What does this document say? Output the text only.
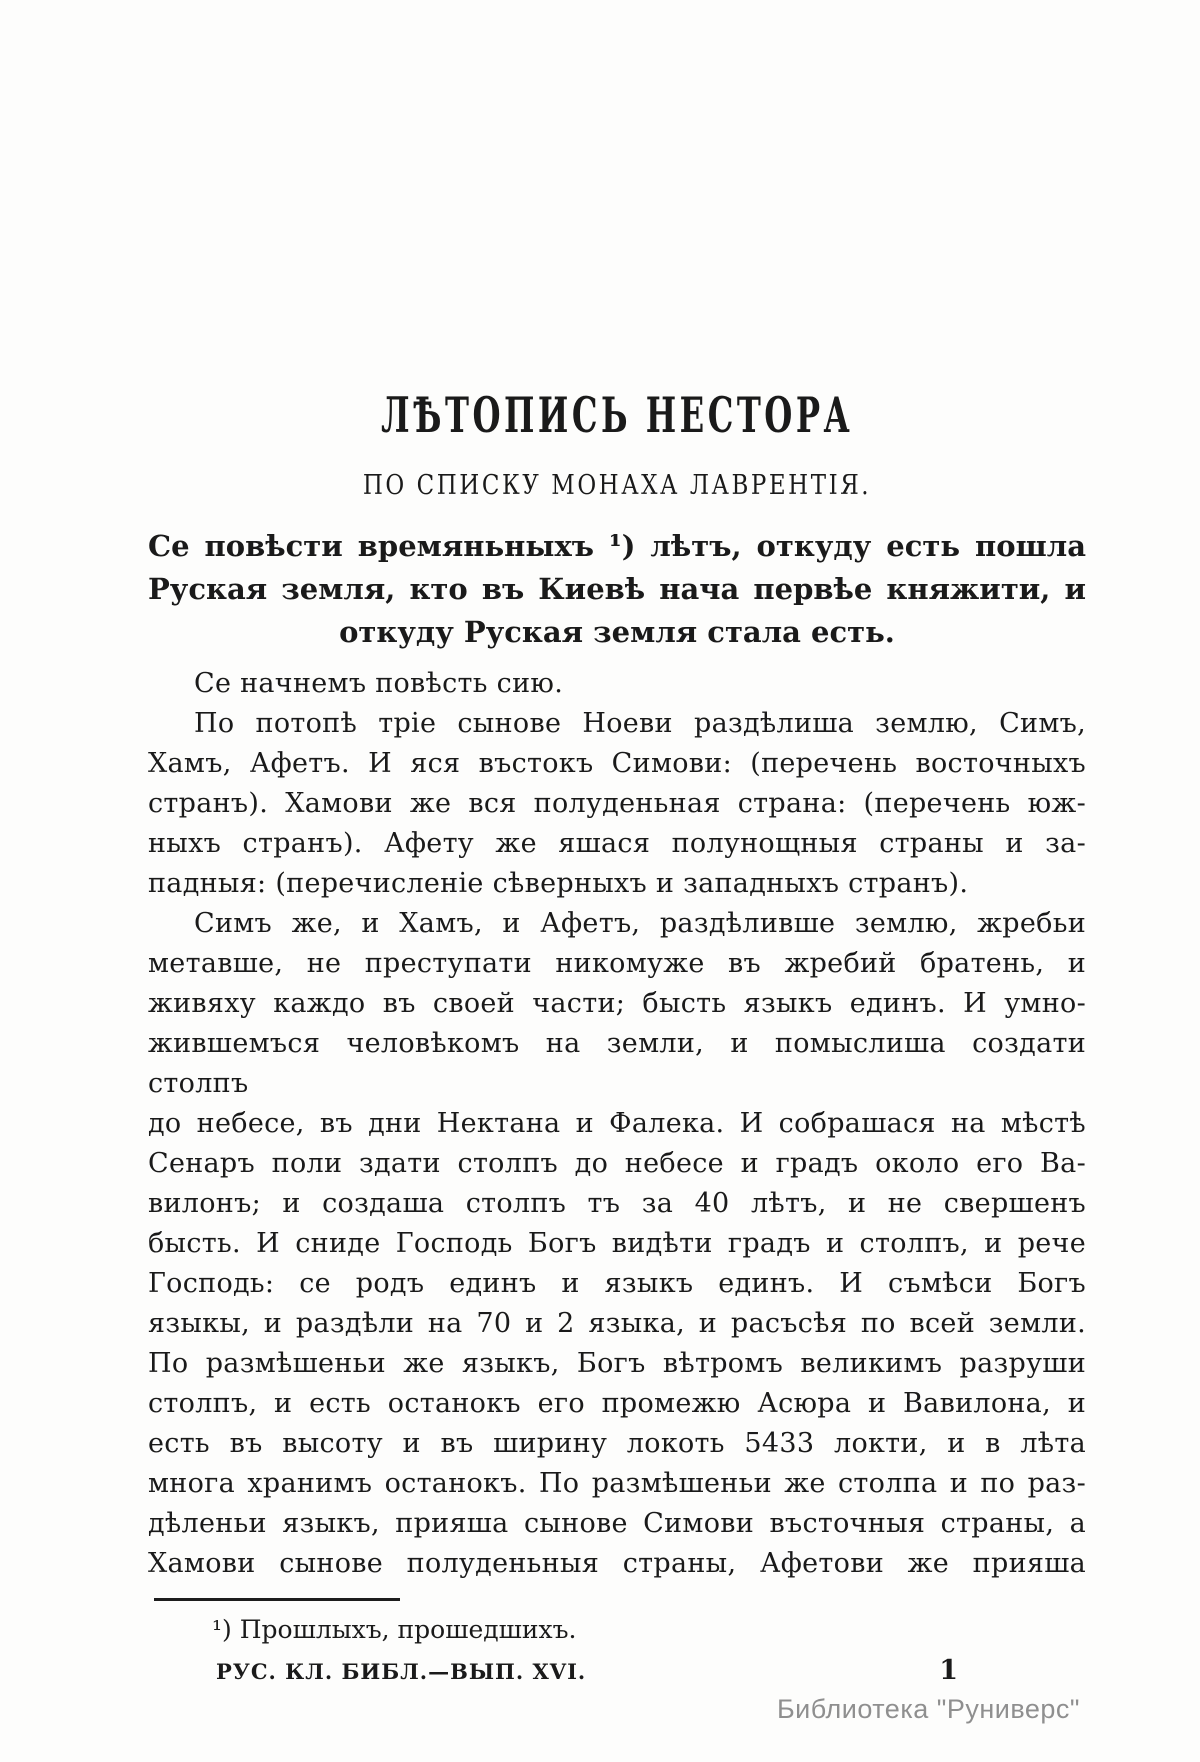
ЛѢТОПИСЬ НЕСТОРА
ПО СПИСКУ МОНАХА ЛАВРЕНТІЯ.
Се повѣсти времяньныхъ ¹) лѣтъ, откуду есть пошла
Руская земля, кто въ Киевѣ нача первѣе княжити, и
откуду Руская земля стала есть.
Се начнемъ повѣсть сию.
По потопѣ тріе сынове Ноеви раздѣлиша землю, Симъ,
Хамъ, Афетъ. И яся въстокъ Симови: (перечень восточныхъ
странъ). Хамови же вся полуденьная страна: (перечень юж-
ныхъ странъ). Афету же яшася полунощныя страны и за-
падныя: (перечисленіе сѣверныхъ и западныхъ странъ).
Симъ же, и Хамъ, и Афетъ, раздѣливше землю, жребьи
метавше, не преступати никомуже въ жребий братень, и
живяху каждо въ своей части; бысть языкъ единъ. И умно-
жившемъся человѣкомъ на земли, и помыслиша создати столпъ
до небесе, въ дни Нектана и Фалека. И собрашася на мѣстѣ
Сенаръ поли здати столпъ до небесе и градъ около его Ва-
вилонъ; и создаша столпъ тъ за 40 лѣтъ, и не свершенъ
бысть. И сниде Господь Богъ видѣти градъ и столпъ, и рече
Господь: се родъ единъ и языкъ единъ. И съмѣси Богъ
языкы, и раздѣли на 70 и 2 языка, и расъсѣя по всей земли.
По размѣшеньи же языкъ, Богъ вѣтромъ великимъ разруши
столпъ, и есть останокъ его промежю Асюра и Вавилона, и
есть въ высоту и въ ширину локоть 5433 локти, и в лѣта
многа хранимъ останокъ. По размѣшеньи же столпа и по раз-
дѣленьи языкъ, прияша сынове Симови въсточныя страны, а
Хамови сынове полуденьныя страны, Афетови же прияша
¹) Прошлыхъ, прошедшихъ.
РУС. КЛ. БИБЛ.—ВЫП. XVI.	1
Библиотека "Руниверс"
